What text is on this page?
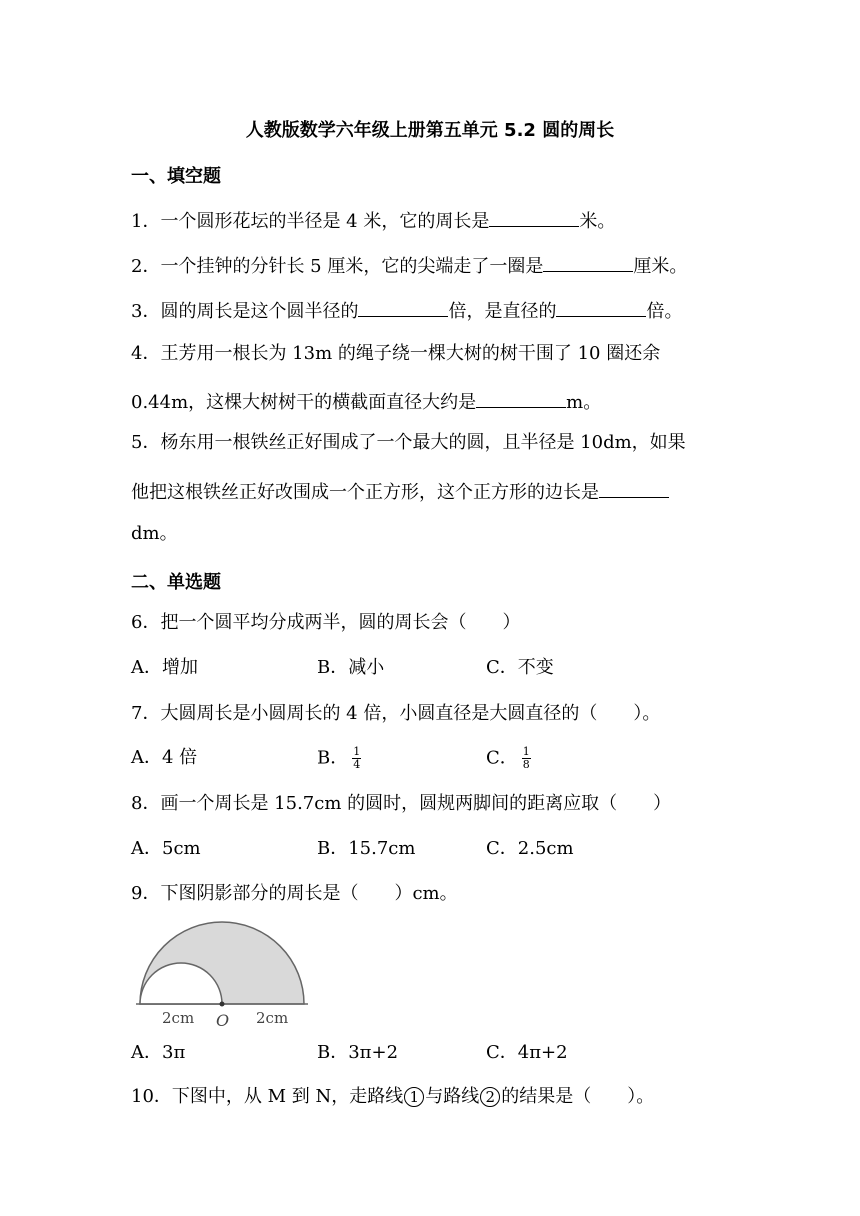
人教版数学六年级上册第五单元 5.2 圆的周长
一、填空题
1．一个圆形花坛的半径是 4 米，它的周长是	米。
2．一个挂钟的分针长 5 厘米，它的尖端走了一圈是	厘米。
3．圆的周长是这个圆半径的	倍，是直径的	倍。
4．王芳用一根长为 13m 的绳子绕一棵大树的树干围了 10 圈还余
0.44m，这棵大树树干的横截面直径大约是	m。
5．杨东用一根铁丝正好围成了一个最大的圆，且半径是 10dm，如果
他把这根铁丝正好改围成一个正方形，这个正方形的边长是
dm。
二、单选题
6．把一个圆平均分成两半，圆的周长会（　　）
A．增加	B．减小	C．不变
7．大圆周长是小圆周长的 4 倍，小圆直径是大圆直径的（　　）。
A．4 倍	B． $\frac{1}{4}$	C． $\frac{1}{8}$
8．画一个周长是 15.7cm 的圆时，圆规两脚间的距离应取（　　）
A．5cm	B．15.7cm	C．2.5cm
9．下图阴影部分的周长是（　　）cm。
2cm O 2cm
A．3π	B．3π+2	C．4π+2
10．下图中，从 M 到 N，走路线 1 与路线 2 的结果是（　　）。
